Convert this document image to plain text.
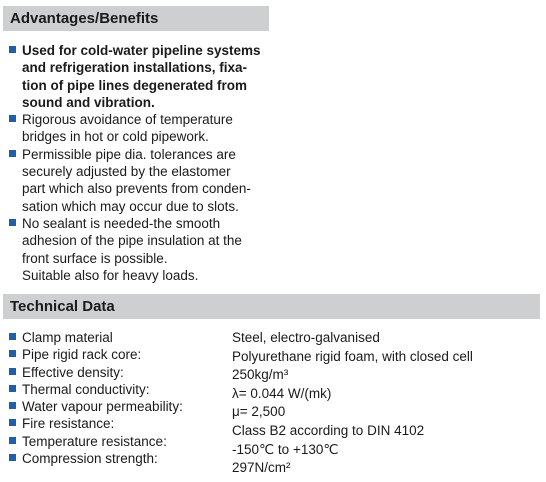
Advantages/Benefits
Used for cold-water pipeline systems
and refrigeration installations, fixa-
tion of pipe lines degenerated from
sound and vibration.
Rigorous avoidance of temperature
bridges in hot or cold pipework.
Permissible pipe dia. tolerances are
securely adjusted by the elastomer
part which also prevents from conden-
sation which may occur due to slots.
No sealant is needed-the smooth
adhesion of the pipe insulation at the
front surface is possible.
Suitable also for heavy loads.
Technical Data
Clamp material
Pipe rigid rack core:
Effective density:
Thermal conductivity:
Water vapour permeability:
Fire resistance:
Temperature resistance:
Compression strength:
Steel, electro-galvanised
Polyurethane rigid foam, with closed cell
250kg/m³
λ= 0.044 W/(mk)
μ= 2,500
Class B2 according to DIN 4102
-150℃ to +130℃
297N/cm²
